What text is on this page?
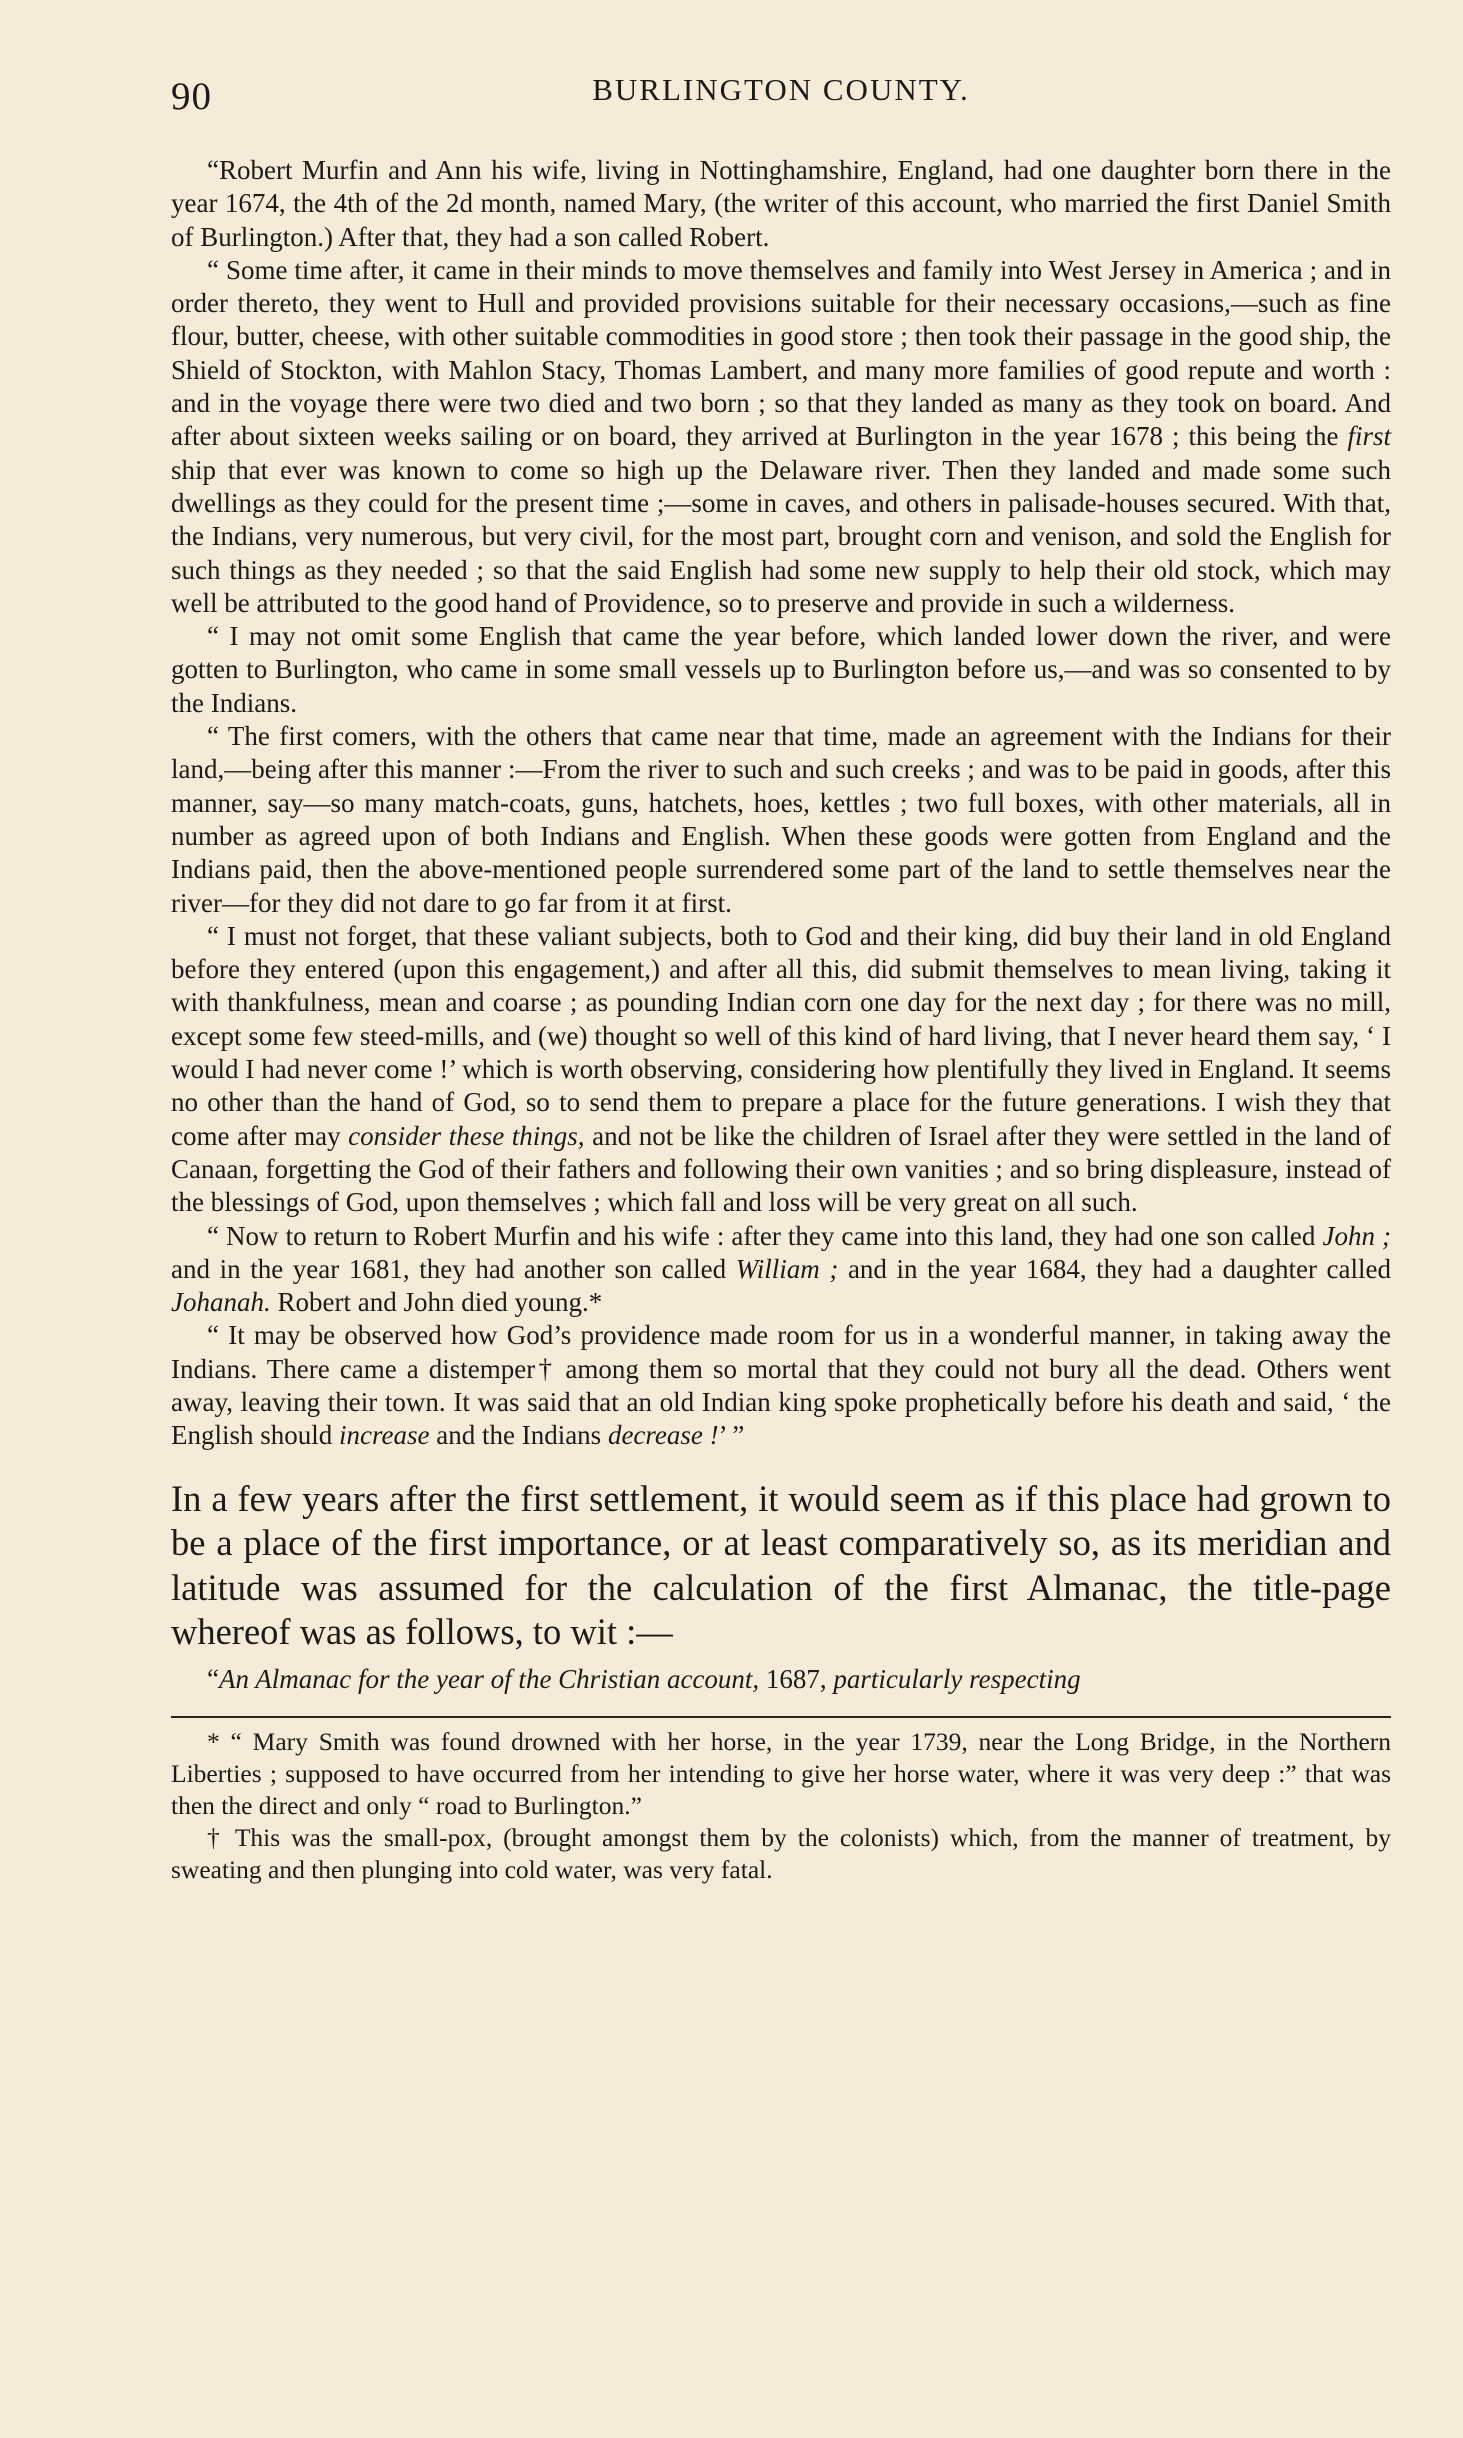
90	BURLINGTON COUNTY.

“Robert Murfin and Ann his wife, living in Nottinghamshire, England, had one daughter born there in the year 1674, the 4th of the 2d month, named Mary, (the writer of this account, who married the first Daniel Smith of Burlington.) After that, they had a son called Robert.

“ Some time after, it came in their minds to move themselves and family into West Jersey in America ; and in order thereto, they went to Hull and provided provisions suitable for their necessary occasions,—such as fine flour, butter, cheese, with other suitable commodities in good store ; then took their passage in the good ship, the Shield of Stockton, with Mahlon Stacy, Thomas Lambert, and many more families of good repute and worth : and in the voyage there were two died and two born ; so that they landed as many as they took on board. And after about sixteen weeks sailing or on board, they arrived at Burlington in the year 1678 ; this being the first ship that ever was known to come so high up the Delaware river. Then they landed and made some such dwellings as they could for the present time ;—some in caves, and others in palisade-houses secured. With that, the Indians, very numerous, but very civil, for the most part, brought corn and venison, and sold the English for such things as they needed ; so that the said English had some new supply to help their old stock, which may well be attributed to the good hand of Providence, so to preserve and provide in such a wilderness.

“ I may not omit some English that came the year before, which landed lower down the river, and were gotten to Burlington, who came in some small vessels up to Burlington before us,—and was so consented to by the Indians.

“ The first comers, with the others that came near that time, made an agreement with the Indians for their land,—being after this manner :—From the river to such and such creeks ; and was to be paid in goods, after this manner, say—so many match-coats, guns, hatchets, hoes, kettles ; two full boxes, with other materials, all in number as agreed upon of both Indians and English. When these goods were gotten from England and the Indians paid, then the above-mentioned people surrendered some part of the land to settle themselves near the river—for they did not dare to go far from it at first.

“ I must not forget, that these valiant subjects, both to God and their king, did buy their land in old England before they entered (upon this engagement,) and after all this, did submit themselves to mean living, taking it with thankfulness, mean and coarse ; as pounding Indian corn one day for the next day ; for there was no mill, except some few steed-mills, and (we) thought so well of this kind of hard living, that I never heard them say, ‘ I would I had never come !’ which is worth observing, considering how plentifully they lived in England. It seems no other than the hand of God, so to send them to prepare a place for the future generations. I wish they that come after may consider these things, and not be like the children of Israel after they were settled in the land of Canaan, forgetting the God of their fathers and following their own vanities ; and so bring displeasure, instead of the blessings of God, upon themselves ; which fall and loss will be very great on all such.

“ Now to return to Robert Murfin and his wife : after they came into this land, they had one son called John ; and in the year 1681, they had another son called William ; and in the year 1684, they had a daughter called Johanah. Robert and John died young.*

“ It may be observed how God’s providence made room for us in a wonderful manner, in taking away the Indians. There came a distemper† among them so mortal that they could not bury all the dead. Others went away, leaving their town. It was said that an old Indian king spoke prophetically before his death and said, ‘ the English should increase and the Indians decrease !’ ”

In a few years after the first settlement, it would seem as if this place had grown to be a place of the first importance, or at least comparatively so, as its meridian and latitude was assumed for the calculation of the first Almanac, the title-page whereof was as follows, to wit :—

“An Almanac for the year of the Christian account, 1687, particularly respecting

* “ Mary Smith was found drowned with her horse, in the year 1739, near the Long Bridge, in the Northern Liberties ; supposed to have occurred from her intending to give her horse water, where it was very deep :” that was then the direct and only “ road to Burlington.”

† This was the small-pox, (brought amongst them by the colonists) which, from the manner of treatment, by sweating and then plunging into cold water, was very fatal.
